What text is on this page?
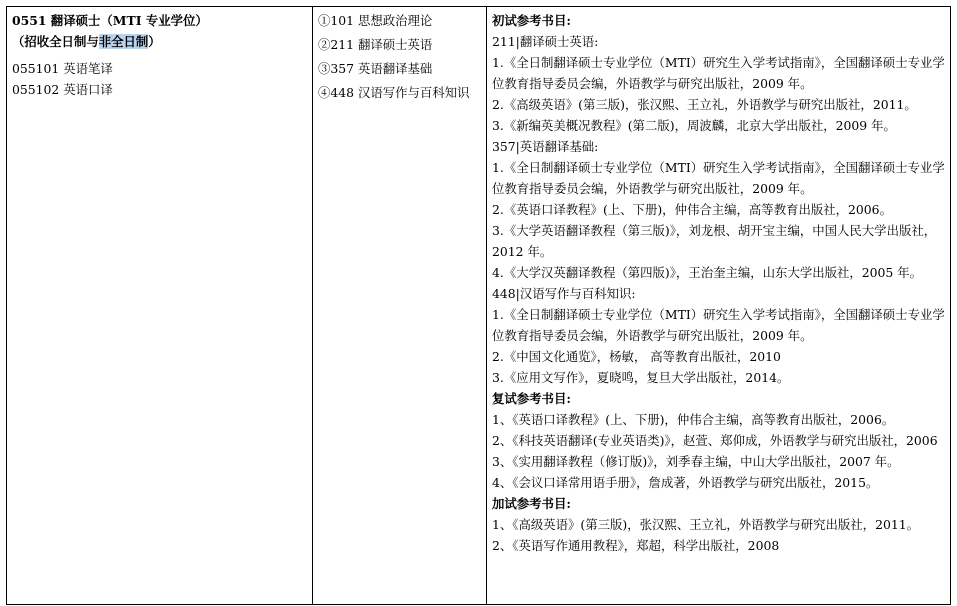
0551 翻译硕士（MTI 专业学位）
（招收全日制与非全日制）
055101 英语笔译
055102 英语口译

①101 思想政治理论
②211 翻译硕士英语
③357 英语翻译基础
④448 汉语写作与百科知识

初试参考书目:
211|翻译硕士英语:
1.《全日制翻译硕士专业学位（MTI）研究生入学考试指南》，全国翻译硕士专业学位教育指导委员会编，外语教学与研究出版社，2009 年。
2.《高级英语》(第三版)，张汉熙、王立礼，外语教学与研究出版社，2011。
3.《新编英美概况教程》(第二版)，周波麟，北京大学出版社，2009 年。
357|英语翻译基础:
1.《全日制翻译硕士专业学位（MTI）研究生入学考试指南》，全国翻译硕士专业学位教育指导委员会编，外语教学与研究出版社，2009 年。
2.《英语口译教程》(上、下册)，仲伟合主编，高等教育出版社，2006。
3.《大学英语翻译教程（第三版)》，刘龙根、胡开宝主编，中国人民大学出版社，2012 年。
4.《大学汉英翻译教程（第四版)》，王治奎主编，山东大学出版社，2005 年。
448|汉语写作与百科知识:
1.《全日制翻译硕士专业学位（MTI）研究生入学考试指南》，全国翻译硕士专业学位教育指导委员会编，外语教学与研究出版社，2009 年。
2.《中国文化通览》，杨敏， 高等教育出版社，2010
3.《应用文写作》，夏晓鸣，复旦大学出版社，2014。
复试参考书目:
1、《英语口译教程》(上、下册)，仲伟合主编，高等教育出版社，2006。
2、《科技英语翻译(专业英语类)》，赵萱、郑仰成，外语教学与研究出版社，2006
3、《实用翻译教程（修订版)》，刘季春主编，中山大学出版社，2007 年。
4、《会议口译常用语手册》，詹成著，外语教学与研究出版社，2015。
加试参考书目:
1、《高级英语》(第三版)，张汉熙、王立礼，外语教学与研究出版社，2011。
2、《英语写作通用教程》，郑超，科学出版社，2008
